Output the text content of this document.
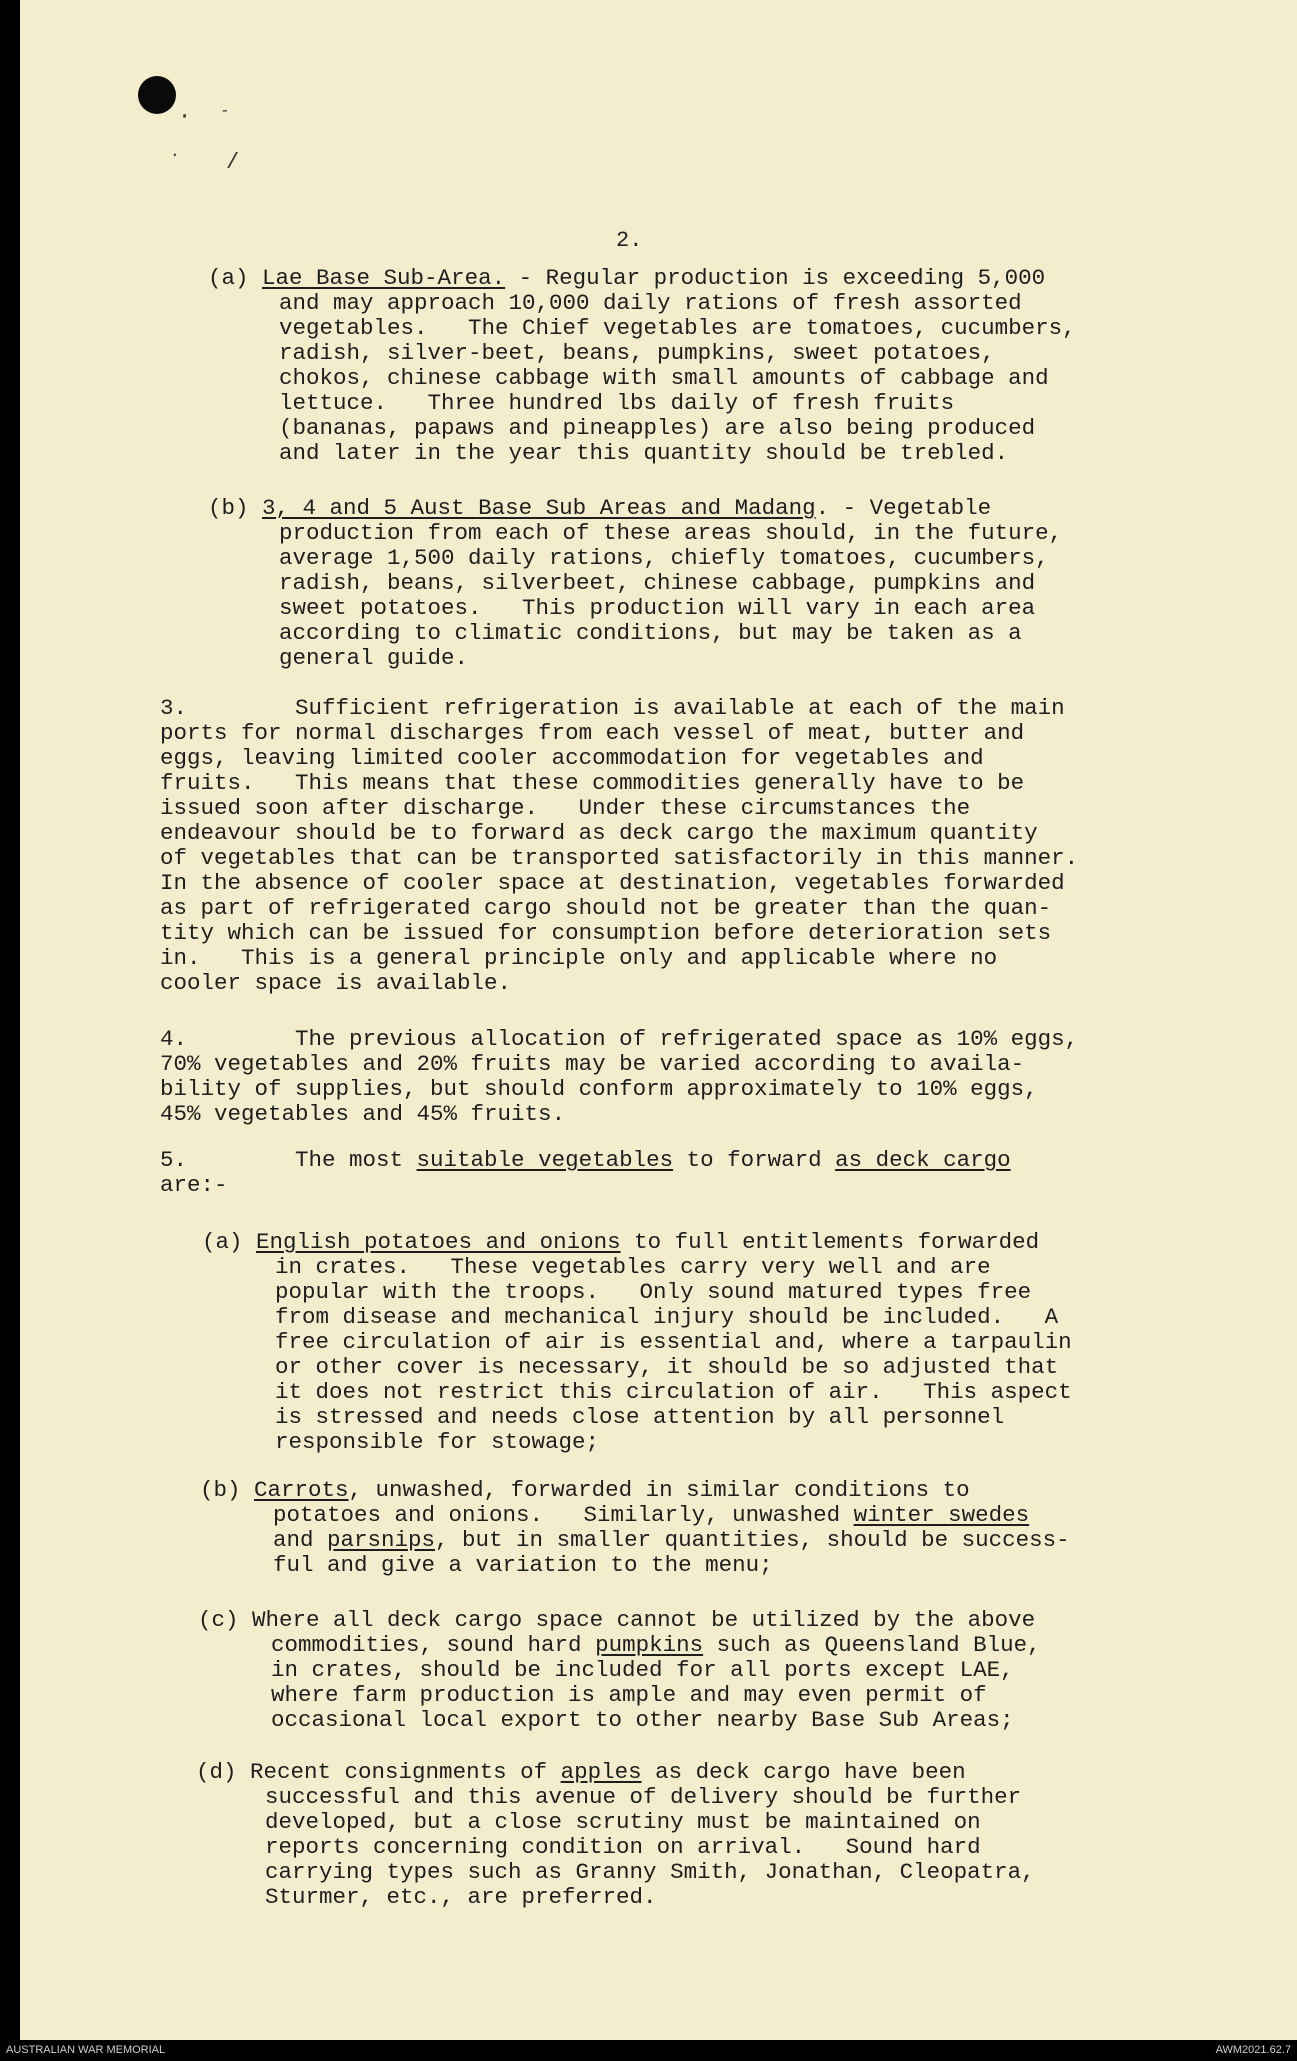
· -
· /
2.
(a) Lae Base Sub-Area. - Regular production is exceeding 5,000
and may approach 10,000 daily rations of fresh assorted
vegetables.   The Chief vegetables are tomatoes, cucumbers,
radish, silver-beet, beans, pumpkins, sweet potatoes,
chokos, chinese cabbage with small amounts of cabbage and
lettuce.   Three hundred lbs daily of fresh fruits
(bananas, papaws and pineapples) are also being produced
and later in the year this quantity should be trebled.
(b) 3, 4 and 5 Aust Base Sub Areas and Madang. - Vegetable
production from each of these areas should, in the future,
average 1,500 daily rations, chiefly tomatoes, cucumbers,
radish, beans, silverbeet, chinese cabbage, pumpkins and
sweet potatoes.   This production will vary in each area
according to climatic conditions, but may be taken as a
general guide.
3.        Sufficient refrigeration is available at each of the main
ports for normal discharges from each vessel of meat, butter and
eggs, leaving limited cooler accommodation for vegetables and
fruits.   This means that these commodities generally have to be
issued soon after discharge.   Under these circumstances the
endeavour should be to forward as deck cargo the maximum quantity
of vegetables that can be transported satisfactorily in this manner.
In the absence of cooler space at destination, vegetables forwarded
as part of refrigerated cargo should not be greater than the quan-
tity which can be issued for consumption before deterioration sets
in.   This is a general principle only and applicable where no
cooler space is available.
4.        The previous allocation of refrigerated space as 10% eggs,
70% vegetables and 20% fruits may be varied according to availa-
bility of supplies, but should conform approximately to 10% eggs,
45% vegetables and 45% fruits.
5.        The most suitable vegetables to forward as deck cargo
are:-
(a) English potatoes and onions to full entitlements forwarded
in crates.   These vegetables carry very well and are
popular with the troops.   Only sound matured types free
from disease and mechanical injury should be included.   A
free circulation of air is essential and, where a tarpaulin
or other cover is necessary, it should be so adjusted that
it does not restrict this circulation of air.   This aspect
is stressed and needs close attention by all personnel
responsible for stowage;
(b) Carrots, unwashed, forwarded in similar conditions to
potatoes and onions.   Similarly, unwashed winter swedes
and parsnips, but in smaller quantities, should be success-
ful and give a variation to the menu;
(c) Where all deck cargo space cannot be utilized by the above
commodities, sound hard pumpkins such as Queensland Blue,
in crates, should be included for all ports except LAE,
where farm production is ample and may even permit of
occasional local export to other nearby Base Sub Areas;
(d) Recent consignments of apples as deck cargo have been
successful and this avenue of delivery should be further
developed, but a close scrutiny must be maintained on
reports concerning condition on arrival.   Sound hard
carrying types such as Granny Smith, Jonathan, Cleopatra,
Sturmer, etc., are preferred.
AUSTRALIAN WAR MEMORIAL	AWM2021.62.7
